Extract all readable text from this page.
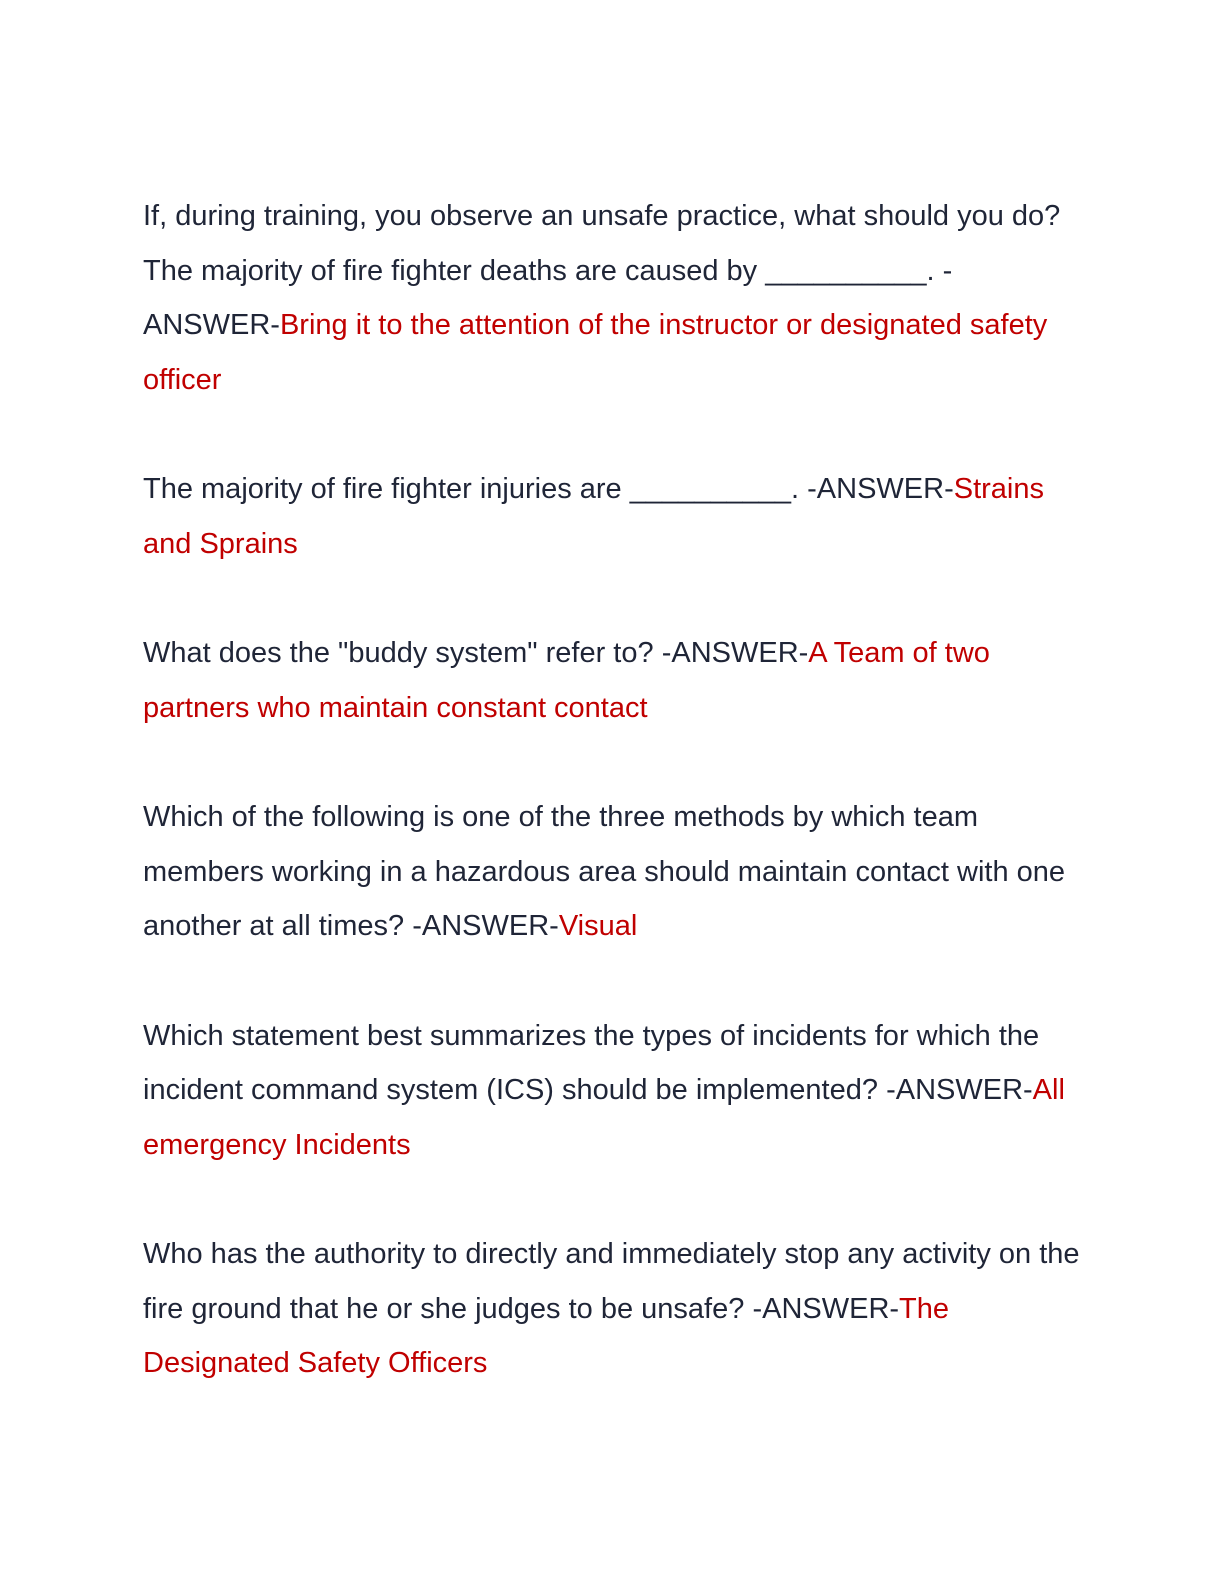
If, during training, you observe an unsafe practice, what should you do? The majority of fire fighter deaths are caused by __________. -ANSWER-Bring it to the attention of the instructor or designated safety officer

The majority of fire fighter injuries are __________. -ANSWER-Strains and Sprains

What does the "buddy system" refer to? -ANSWER-A Team of two partners who maintain constant contact

Which of the following is one of the three methods by which team members working in a hazardous area should maintain contact with one another at all times? -ANSWER-Visual

Which statement best summarizes the types of incidents for which the incident command system (ICS) should be implemented? -ANSWER-All emergency Incidents

Who has the authority to directly and immediately stop any activity on the fire ground that he or she judges to be unsafe? -ANSWER-The Designated Safety Officers
